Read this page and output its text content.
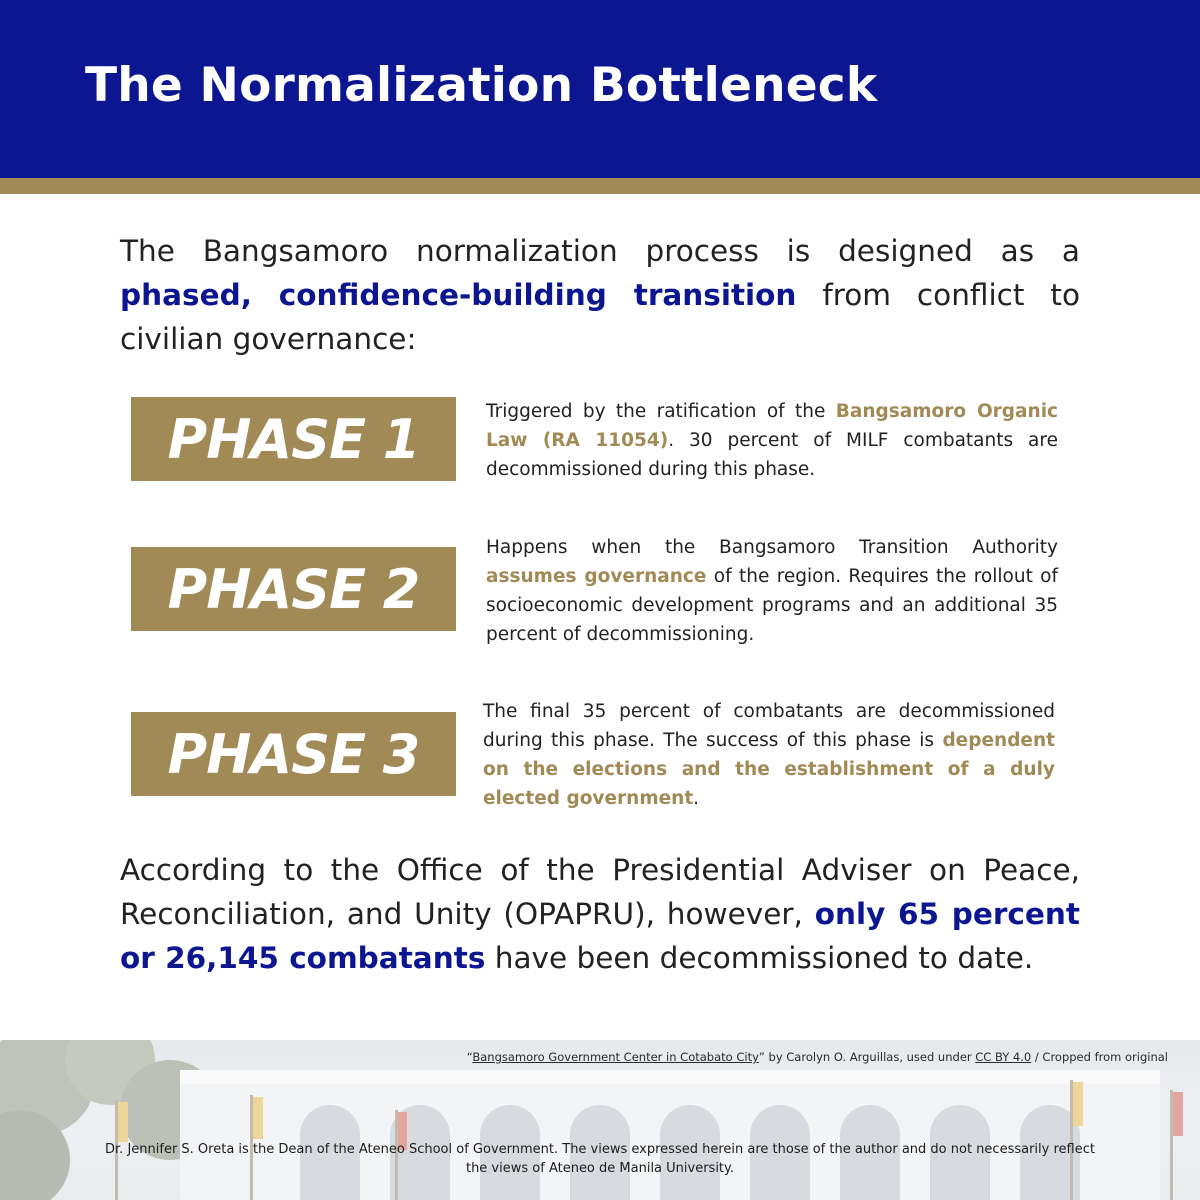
The Normalization Bottleneck

The Bangsamoro normalization process is designed as a phased, confidence-building transition from conflict to civilian governance:

PHASE 1	Triggered by the ratification of the Bangsamoro Organic Law (RA 11054). 30 percent of MILF combatants are decommissioned during this phase.

PHASE 2

Happens when the Bangsamoro Transition Authority assumes governance of the region. Requires the rollout of socioeconomic development programs and an additional 35 percent of decommissioning.

PHASE 3

The final 35 percent of combatants are decommissioned during this phase. The success of this phase is dependent on the elections and the establishment of a duly elected government.

According to the Office of the Presidential Adviser on Peace, Reconciliation, and Unity (OPAPRU), however, only 65 percent or 26,145 combatants have been decommissioned to date.

“Bangsamoro Government Center in Cotabato City” by Carolyn O. Arguillas, used under CC BY 4.0 / Cropped from original
Dr. Jennifer S. Oreta is the Dean of the Ateneo School of Government. The views expressed herein are those of the author and do not necessarily reflect the views of Ateneo de Manila University.
